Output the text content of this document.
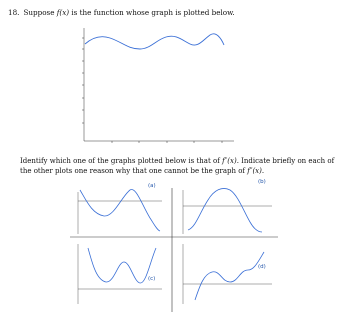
18. Suppose f(x) is the function whose graph is plotted below.
Identify which one of the graphs plotted below is that of f″(x). Indicate briefly on each of the other plots one reason why that one cannot be the graph of f″(x).
(a)
(b)
(c)
(d)
